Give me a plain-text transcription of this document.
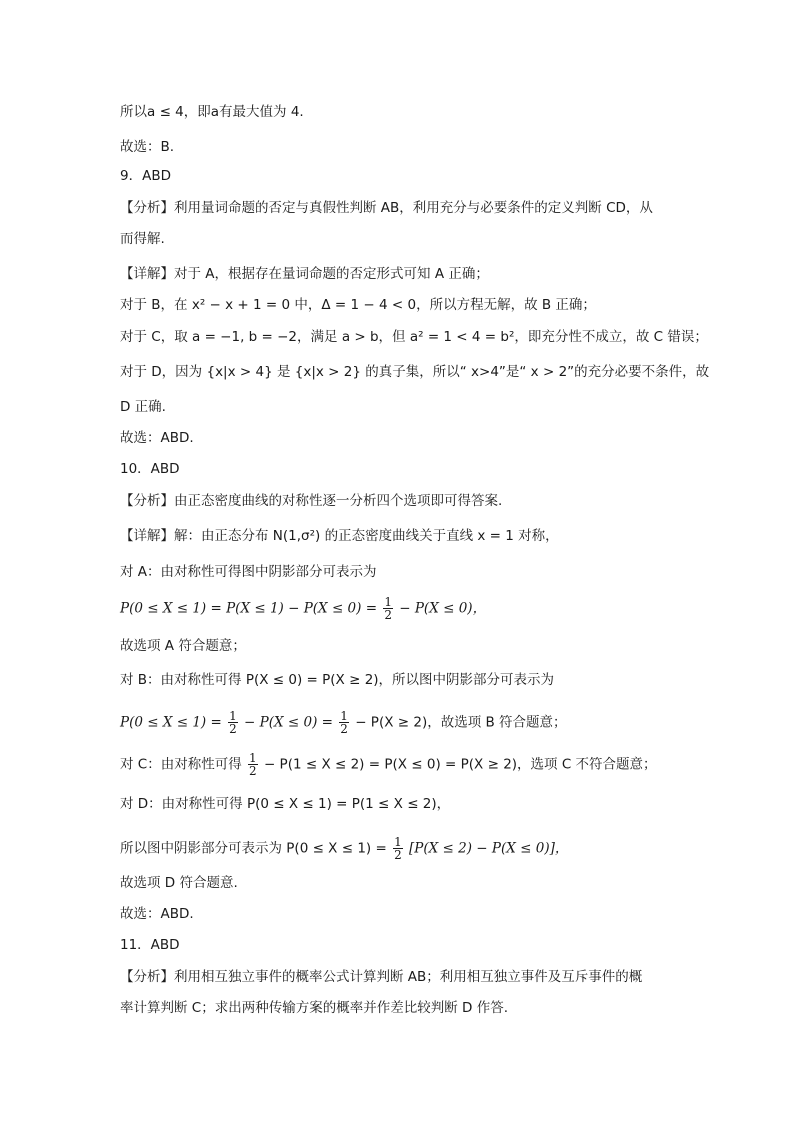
所以a ≤ 4，即a有最大值为 4.
故选：B.
9．ABD
【分析】利用量词命题的否定与真假性判断 AB，利用充分与必要条件的定义判断 CD，从
而得解.
【详解】对于 A，根据存在量词命题的否定形式可知 A 正确；
对于 B，在 x² − x + 1 = 0 中，Δ = 1 − 4 < 0，所以方程无解，故 B 正确；
对于 C，取 a = −1, b = −2，满足 a > b，但 a² = 1 < 4 = b²，即充分性不成立，故 C 错误；
对于 D，因为 {x|x > 4} 是 {x|x > 2} 的真子集，所以“ x>4”是“ x > 2”的充分必要不条件，故
D 正确.
故选：ABD.
10．ABD
【分析】由正态密度曲线的对称性逐一分析四个选项即可得答案.
【详解】解：由正态分布 N(1,σ²) 的正态密度曲线关于直线 x = 1 对称，
对 A：由对称性可得图中阴影部分可表示为
$P(0 \le X \le 1) = P(X \le 1) - P(X \le 0) = \frac{1}{2} - P(X \le 0)$，
故选项 A 符合题意；
对 B：由对称性可得 P(X ≤ 0) = P(X ≥ 2)，所以图中阴影部分可表示为
$P(0 \le X \le 1) = \frac{1}{2} - P(X \le 0) = \frac{1}{2} - P(X \ge 2)$，故选项 B 符合题意；
对 C：由对称性可得 $\frac{1}{2} - P(1 \le X \le 2) = P(X \le 0) = P(X \ge 2)$，选项 C 不符合题意；
对 D：由对称性可得 P(0 ≤ X ≤ 1) = P(1 ≤ X ≤ 2)，
所以图中阴影部分可表示为 $P(0 \le X \le 1) = \frac{1}{2} [P(X \le 2) - P(X \le 0)]$，
故选项 D 符合题意.
故选：ABD.
11．ABD
【分析】利用相互独立事件的概率公式计算判断 AB；利用相互独立事件及互斥事件的概
率计算判断 C；求出两种传输方案的概率并作差比较判断 D 作答.
